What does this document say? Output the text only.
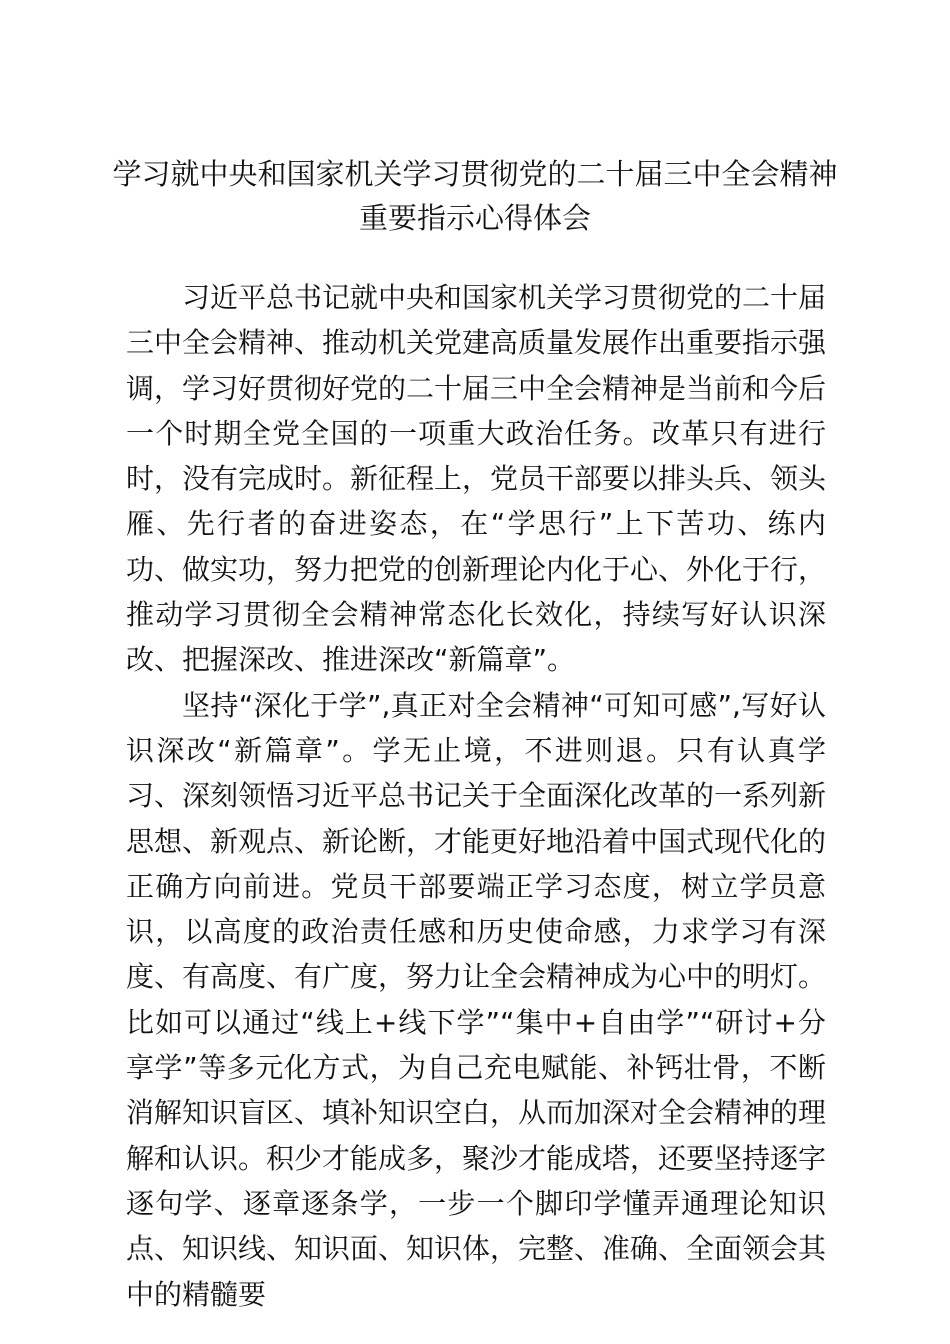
学习就中央和国家机关学习贯彻党的二十届三中全会精神重要指示心得体会

习近平总书记就中央和国家机关学习贯彻党的二十届三中全会精神、推动机关党建高质量发展作出重要指示强调，学习好贯彻好党的二十届三中全会精神是当前和今后一个时期全党全国的一项重大政治任务。改革只有进行时，没有完成时。新征程上，党员干部要以排头兵、领头雁、先行者的奋进姿态，在“学思行”上下苦功、练内功、做实功，努力把党的创新理论内化于心、外化于行，推动学习贯彻全会精神常态化长效化，持续写好认识深改、把握深改、推进深改“新篇章”。

坚持“深化于学”,真正对全会精神“可知可感”,写好认识深改“新篇章”。学无止境，不进则退。只有认真学习、深刻领悟习近平总书记关于全面深化改革的一系列新思想、新观点、新论断，才能更好地沿着中国式现代化的正确方向前进。党员干部要端正学习态度，树立学员意识，以高度的政治责任感和历史使命感，力求学习有深度、有高度、有广度，努力让全会精神成为心中的明灯。比如可以通过“线上+线下学”“集中+自由学”“研讨+分享学”等多元化方式，为自己充电赋能、补钙壮骨，不断消解知识盲区、填补知识空白，从而加深对全会精神的理解和认识。积少才能成多，聚沙才能成塔，还要坚持逐字逐句学、逐章逐条学，一步一个脚印学懂弄通理论知识点、知识线、知识面、知识体，完整、准确、全面领会其中的精髓要
